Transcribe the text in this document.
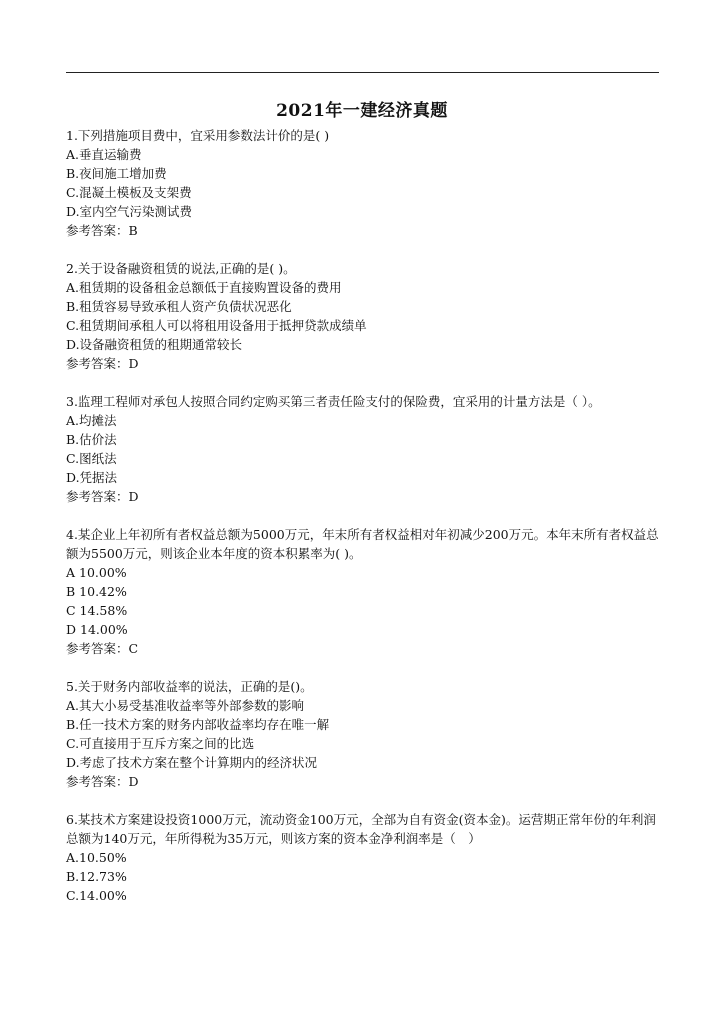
2021年一建经济真题
1.下列措施项目费中，宜采用参数法计价的是( )
A.垂直运输费
B.夜间施工增加费
C.混凝土模板及支架费
D.室内空气污染测试费
参考答案：B
2.关于设备融资租赁的说法,正确的是( )。
A.租赁期的设备租金总额低于直接购置设备的费用
B.租赁容易导致承租人资产负债状况恶化
C.租赁期间承租人可以将租用设备用于抵押贷款成绩单
D.设备融资租赁的租期通常较长
参考答案：D
3.监理工程师对承包人按照合同约定购买第三者责任险支付的保险费，宜采用的计量方法是（ ）。
A.均摊法
B.估价法
C.图纸法
D.凭据法
参考答案：D
4.某企业上年初所有者权益总额为5000万元，年末所有者权益相对年初减少200万元。本年末所有者权益总额为5500万元，则该企业本年度的资本积累率为( )。
A 10.00%
B 10.42%
C 14.58%
D 14.00%
参考答案：C
5.关于财务内部收益率的说法，正确的是()。
A.其大小易受基准收益率等外部参数的影响
B.任一技术方案的财务内部收益率均存在唯一解
C.可直接用于互斥方案之间的比选
D.考虑了技术方案在整个计算期内的经济状况
参考答案：D
6.某技术方案建设投资1000万元，流动资金100万元，全部为自有资金(资本金)。运营期正常年份的年利润总额为140万元，年所得税为35万元，则该方案的资本金净利润率是（　）
A.10.50%
B.12.73%
C.14.00%
